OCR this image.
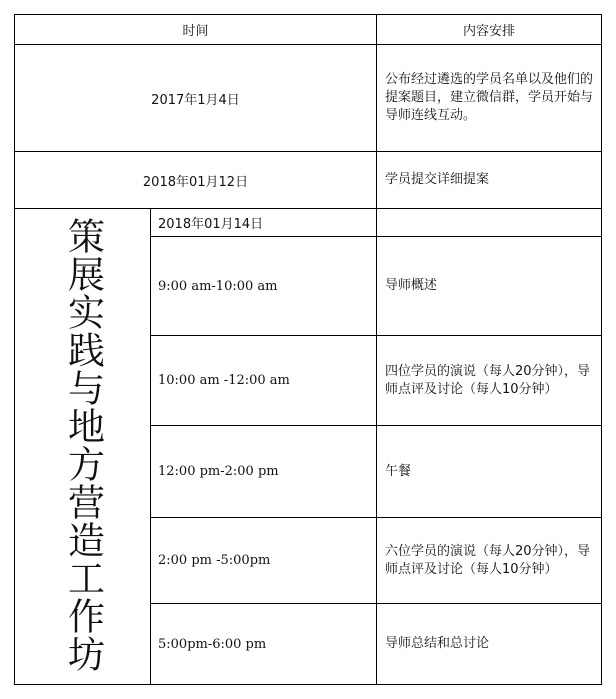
时间		内容安排
2017年1月4日		公布经过遴选的学员名单以及他们的提案题目，建立微信群，学员开始与导师连线互动。
2018年01月12日		学员提交详细提案
策展实践与地方营造工作坊	2018年01月14日	
	9:00 am-10:00 am	导师概述
	10:00 am -12:00 am	四位学员的演说（每人20分钟），导师点评及讨论（每人10分钟）
	12:00 pm-2:00 pm	午餐
	2:00 pm -5:00pm	六位学员的演说（每人20分钟），导师点评及讨论（每人10分钟）
	5:00pm-6:00 pm	导师总结和总讨论
